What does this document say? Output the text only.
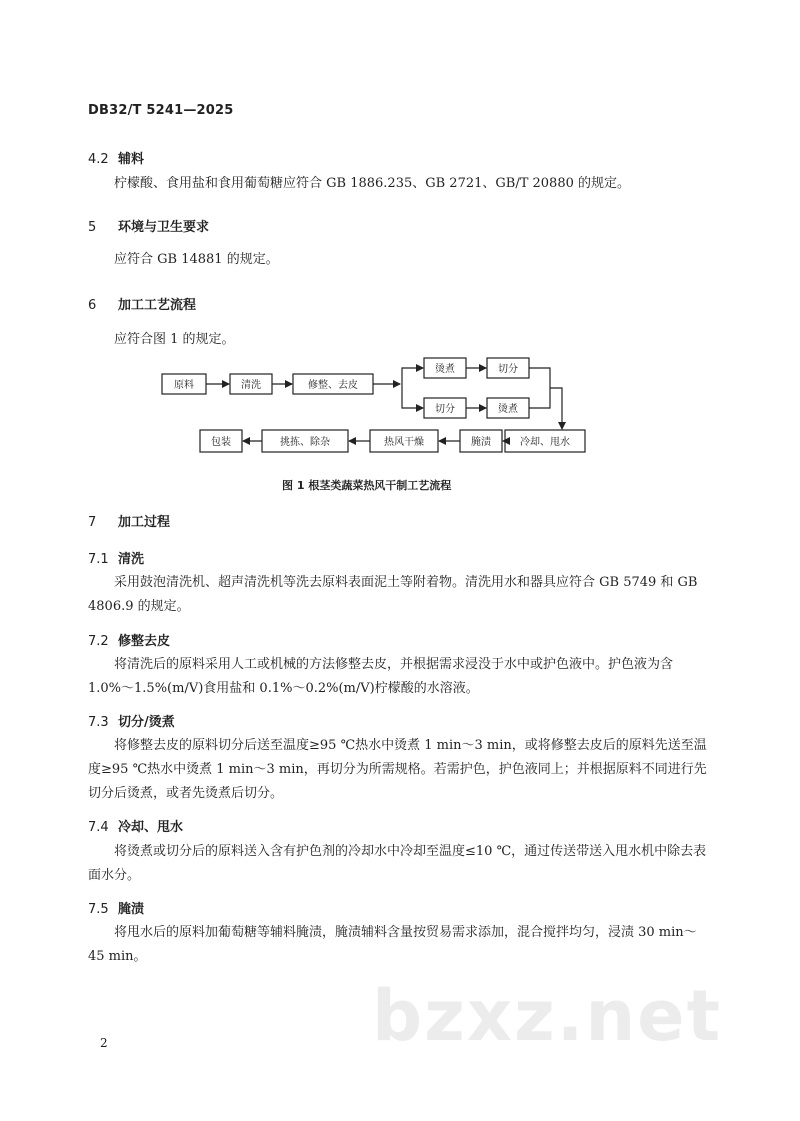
DB32/T 5241—2025
4.2 辅料
柠檬酸、食用盐和食用葡萄糖应符合 GB 1886.235、GB 2721、GB/T 20880 的规定。
5 环境与卫生要求
应符合 GB 14881 的规定。
6 加工工艺流程
应符合图 1 的规定。
原料	清洗	修整、去皮
烫煮	切分
切分	烫煮
冷却、甩水
腌渍
热风干燥
挑拣、除杂
包装
图 1 根茎类蔬菜热风干制工艺流程
7 加工过程
7.1 清洗
采用鼓泡清洗机、超声清洗机等洗去原料表面泥土等附着物。清洗用水和器具应符合 GB 5749 和 GB 4806.9 的规定。
7.2 修整去皮
将清洗后的原料采用人工或机械的方法修整去皮，并根据需求浸没于水中或护色液中。护色液为含 1.0%～1.5%(m/V)食用盐和 0.1%～0.2%(m/V)柠檬酸的水溶液。
7.3 切分/烫煮
将修整去皮的原料切分后送至温度≥95 ℃热水中烫煮 1 min～3 min，或将修整去皮后的原料先送至温度≥95 ℃热水中烫煮 1 min～3 min，再切分为所需规格。若需护色，护色液同上；并根据原料不同进行先切分后烫煮，或者先烫煮后切分。
7.4 冷却、甩水
将烫煮或切分后的原料送入含有护色剂的冷却水中冷却至温度≤10 ℃，通过传送带送入甩水机中除去表面水分。
7.5 腌渍
将甩水后的原料加葡萄糖等辅料腌渍，腌渍辅料含量按贸易需求添加，混合搅拌均匀，浸渍 30 min～45 min。
bzxz.net
2
